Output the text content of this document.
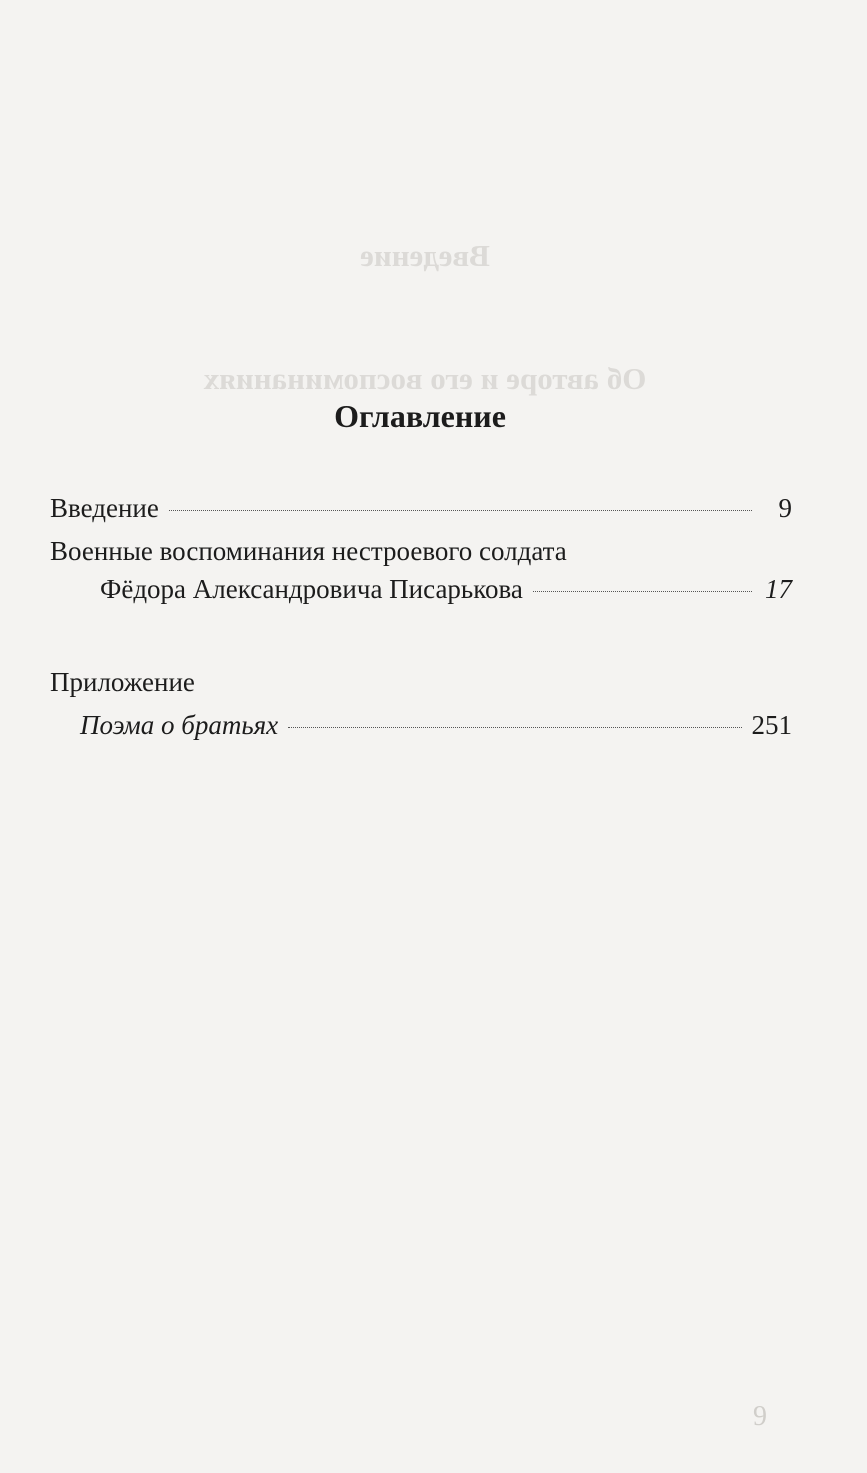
Введение
Об авторе и его воспоминаниях
Оглавление
Введение	9
Военные воспоминания нестроевого солдата
Фёдора Александровича Писарькова	17
Приложение
Поэма о братьях	251
9
